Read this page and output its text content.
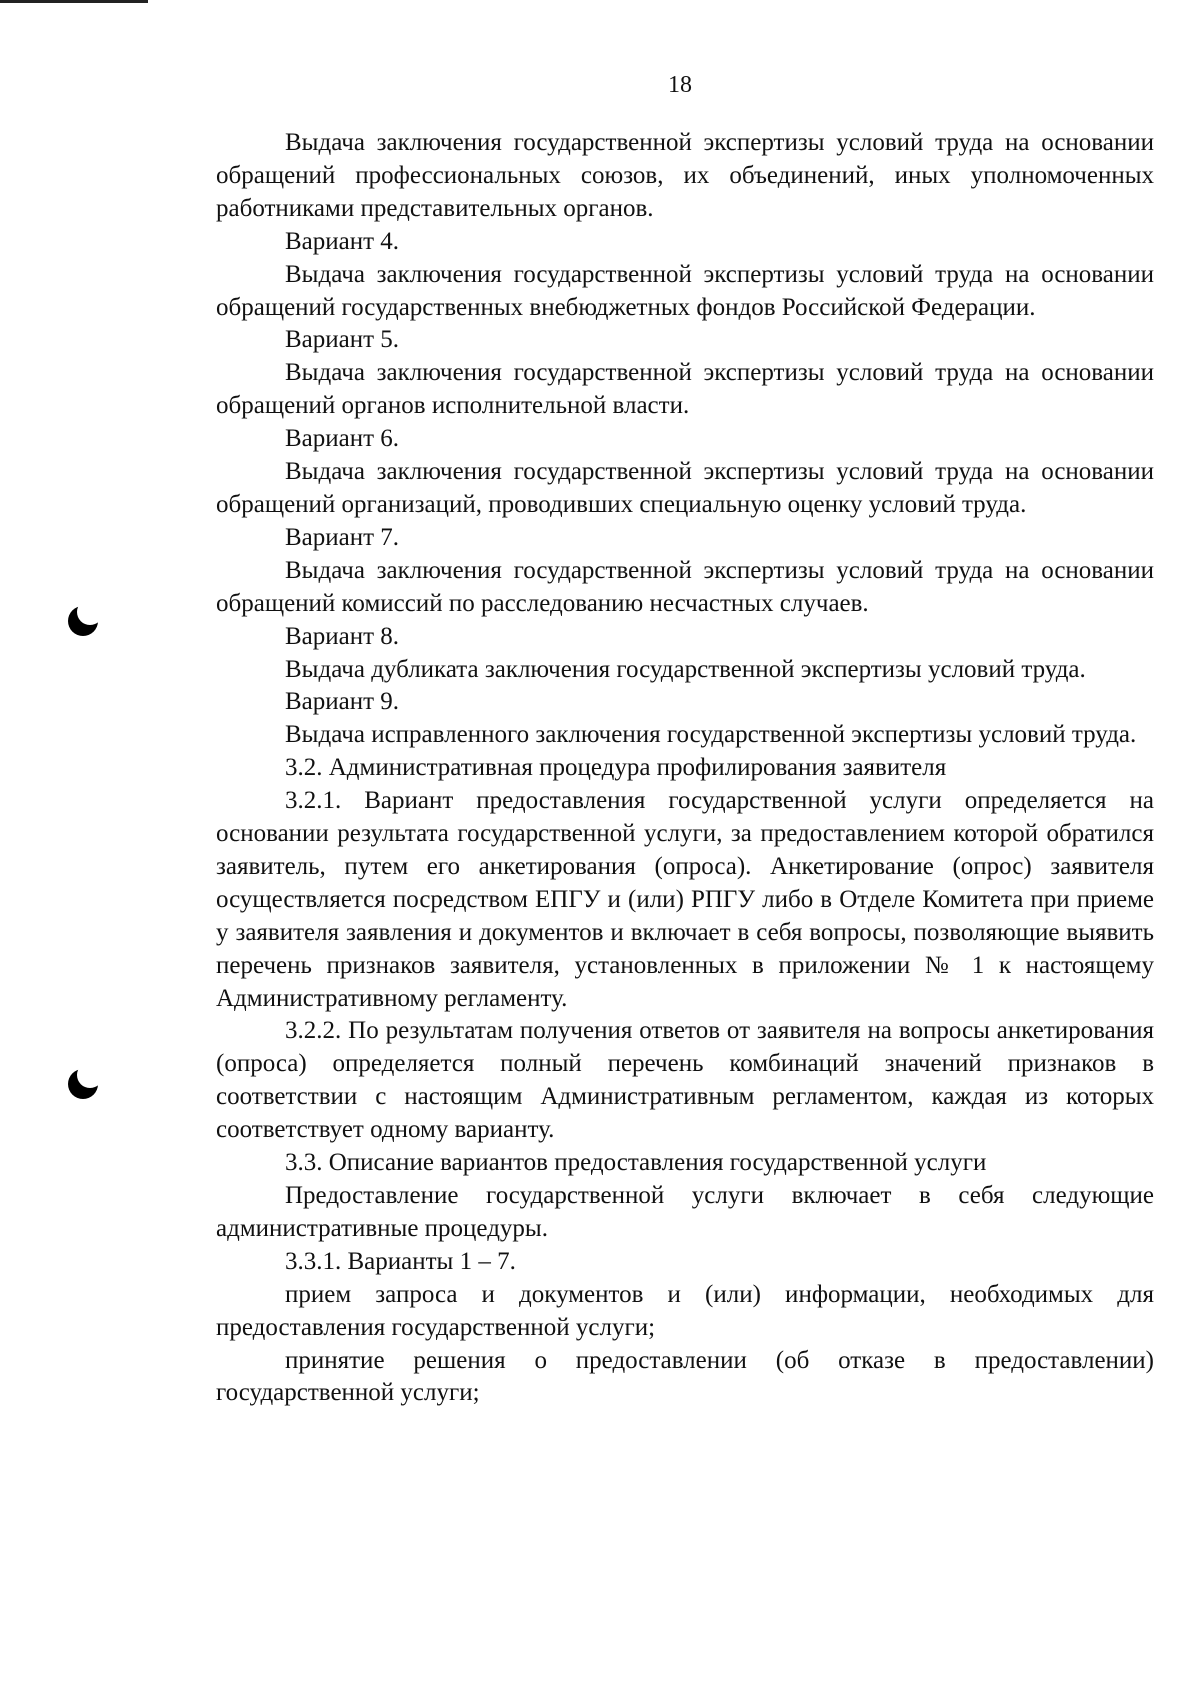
18

Выдача заключения государственной экспертизы условий труда на основании обращений профессиональных союзов, их объединений, иных уполномоченных работниками представительных органов.

Вариант 4.

Выдача заключения государственной экспертизы условий труда на основании обращений государственных внебюджетных фондов Российской Федерации.

Вариант 5.

Выдача заключения государственной экспертизы условий труда на основании обращений органов исполнительной власти.

Вариант 6.

Выдача заключения государственной экспертизы условий труда на основании обращений организаций, проводивших специальную оценку условий труда.

Вариант 7.

Выдача заключения государственной экспертизы условий труда на основании обращений комиссий по расследованию несчастных случаев.

Вариант 8.

Выдача дубликата заключения государственной экспертизы условий труда.

Вариант 9.

Выдача исправленного заключения государственной экспертизы условий труда.

3.2. Административная процедура профилирования заявителя

3.2.1. Вариант предоставления государственной услуги определяется на основании результата государственной услуги, за предоставлением которой обратился заявитель, путем его анкетирования (опроса). Анкетирование (опрос) заявителя осуществляется посредством ЕПГУ и (или) РПГУ либо в Отделе Комитета при приеме у заявителя заявления и документов и включает в себя вопросы, позволяющие выявить перечень признаков заявителя, установленных в приложении № 1 к настоящему Административному регламенту.

3.2.2. По результатам получения ответов от заявителя на вопросы анкетирования (опроса) определяется полный перечень комбинаций значений признаков в соответствии с настоящим Административным регламентом, каждая из которых соответствует одному варианту.

3.3. Описание вариантов предоставления государственной услуги

Предоставление государственной услуги включает в себя следующие административные процедуры.

3.3.1. Варианты 1 – 7.

прием запроса и документов и (или) информации, необходимых для предоставления государственной услуги;

принятие решения о предоставлении (об отказе в предоставлении) государственной услуги;
